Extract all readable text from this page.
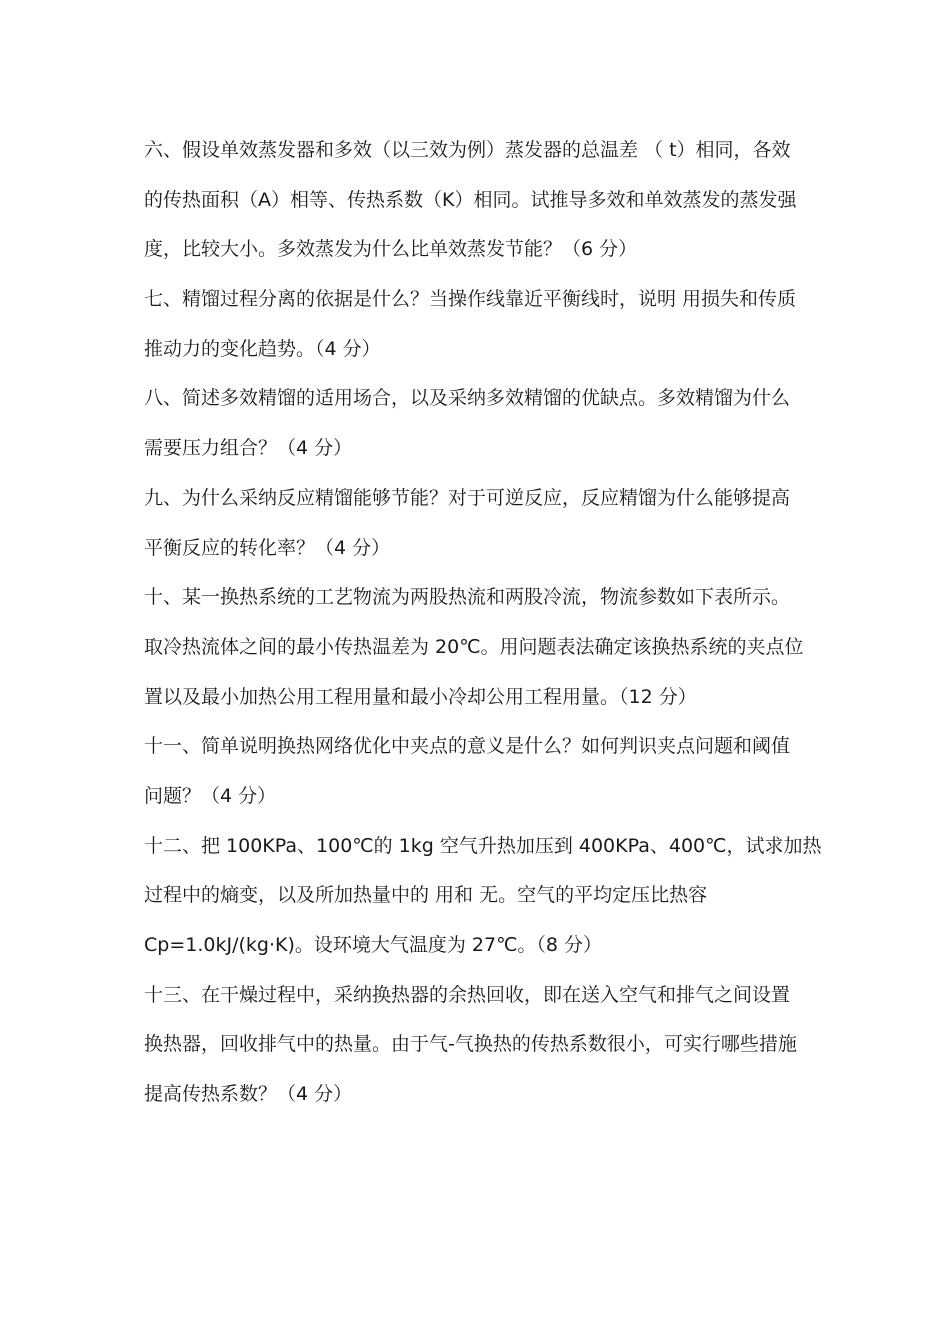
六、假设单效蒸发器和多效（以三效为例）蒸发器的总温差 （ t）相同，各效
的传热面积（A）相等、传热系数（K）相同。试推导多效和单效蒸发的蒸发强
度，比较大小。多效蒸发为什么比单效蒸发节能？（6 分）
七、精馏过程分离的依据是什么？当操作线靠近平衡线时，说明 用损失和传质
推动力的变化趋势。（4 分）
八、简述多效精馏的适用场合，以及采纳多效精馏的优缺点。多效精馏为什么
需要压力组合？（4 分）
九、为什么采纳反应精馏能够节能？对于可逆反应，反应精馏为什么能够提高
平衡反应的转化率？（4 分）
十、某一换热系统的工艺物流为两股热流和两股冷流，物流参数如下表所示。
取冷热流体之间的最小传热温差为 20℃。用问题表法确定该换热系统的夹点位
置以及最小加热公用工程用量和最小冷却公用工程用量。（12 分）
十一、简单说明换热网络优化中夹点的意义是什么？如何判识夹点问题和阈值
问题？（4 分）
十二、把 100KPa、100℃的 1kg 空气升热加压到 400KPa、400℃，试求加热
过程中的熵变，以及所加热量中的 用和 无。空气的平均定压比热容
Cp=1.0kJ/(kg·K)。设环境大气温度为 27℃。（8 分）
十三、在干燥过程中，采纳换热器的余热回收，即在送入空气和排气之间设置
换热器，回收排气中的热量。由于气-气换热的传热系数很小，可实行哪些措施
提高传热系数？（4 分）
